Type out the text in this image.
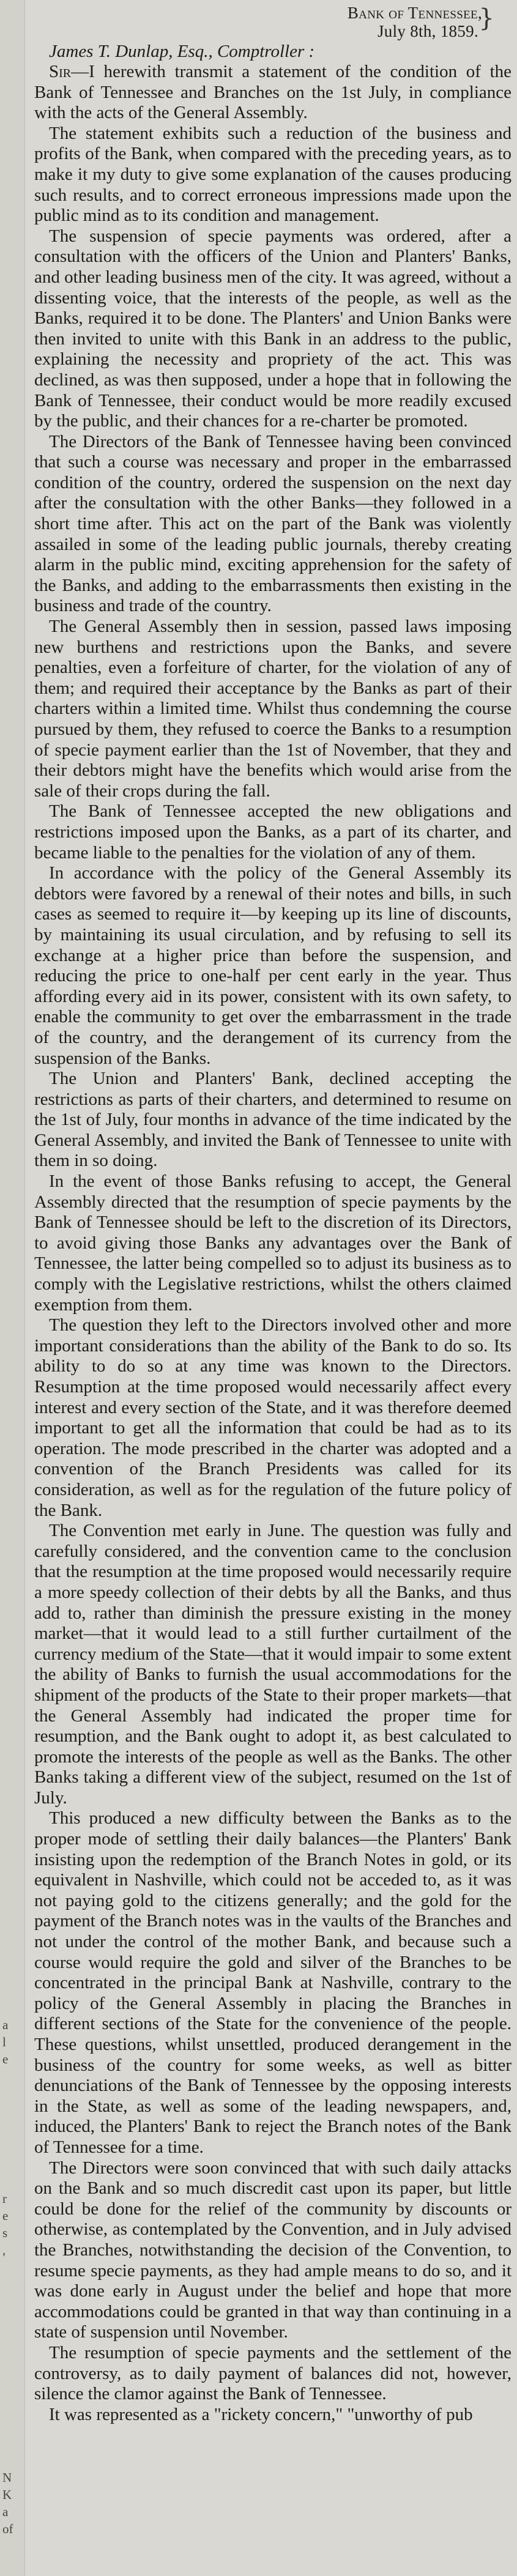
a
l
e
r
e
s
,
N
K
a
of
Bank of Tennessee,
July 8th, 1859. }
James T. Dunlap, Esq., Comptroller :

Sir—I herewith transmit a statement of the condition of the Bank of Tennessee and Branches on the 1st July, in compliance with the acts of the General Assembly.

The statement exhibits such a reduction of the business and profits of the Bank, when compared with the preceding years, as to make it my duty to give some explanation of the causes producing such results, and to correct erroneous impressions made upon the public mind as to its condition and management.

The suspension of specie payments was ordered, after a consultation with the officers of the Union and Planters' Banks, and other leading business men of the city. It was agreed, without a dissenting voice, that the interests of the people, as well as the Banks, required it to be done. The Planters' and Union Banks were then invited to unite with this Bank in an address to the public, explaining the necessity and propriety of the act. This was declined, as was then supposed, under a hope that in following the Bank of Tennessee, their conduct would be more readily excused by the public, and their chances for a re-charter be promoted.

The Directors of the Bank of Tennessee having been convinced that such a course was necessary and proper in the embarrassed condition of the country, ordered the suspension on the next day after the consultation with the other Banks—they followed in a short time after. This act on the part of the Bank was violently assailed in some of the leading public journals, thereby creating alarm in the public mind, exciting apprehension for the safety of the Banks, and adding to the embarrassments then existing in the business and trade of the country.

The General Assembly then in session, passed laws imposing new burthens and restrictions upon the Banks, and severe penalties, even a forfeiture of charter, for the violation of any of them; and required their acceptance by the Banks as part of their charters within a limited time. Whilst thus condemning the course pursued by them, they refused to coerce the Banks to a resumption of specie payment earlier than the 1st of November, that they and their debtors might have the benefits which would arise from the sale of their crops during the fall.

The Bank of Tennessee accepted the new obligations and restrictions imposed upon the Banks, as a part of its charter, and became liable to the penalties for the violation of any of them.

In accordance with the policy of the General Assembly its debtors were favored by a renewal of their notes and bills, in such cases as seemed to require it—by keeping up its line of discounts, by maintaining its usual circulation, and by refusing to sell its exchange at a higher price than before the suspension, and reducing the price to one-half per cent early in the year. Thus affording every aid in its power, consistent with its own safety, to enable the community to get over the embarrassment in the trade of the country, and the derangement of its currency from the suspension of the Banks.

The Union and Planters' Bank, declined accepting the restrictions as parts of their charters, and determined to resume on the 1st of July, four months in advance of the time indicated by the General Assembly, and invited the Bank of Tennessee to unite with them in so doing.

In the event of those Banks refusing to accept, the General Assembly directed that the resumption of specie payments by the Bank of Tennessee should be left to the discretion of its Directors, to avoid giving those Banks any advantages over the Bank of Tennessee, the latter being compelled so to adjust its business as to comply with the Legislative restrictions, whilst the others claimed exemption from them.

The question they left to the Directors involved other and more important considerations than the ability of the Bank to do so. Its ability to do so at any time was known to the Directors. Resumption at the time proposed would necessarily affect every interest and every section of the State, and it was therefore deemed important to get all the information that could be had as to its operation. The mode prescribed in the charter was adopted and a convention of the Branch Presidents was called for its consideration, as well as for the regulation of the future policy of the Bank.

The Convention met early in June. The question was fully and carefully considered, and the convention came to the conclusion that the resumption at the time proposed would necessarily require a more speedy collection of their debts by all the Banks, and thus add to, rather than diminish the pressure existing in the money market—that it would lead to a still further curtailment of the currency medium of the State—that it would impair to some extent the ability of Banks to furnish the usual accommodations for the shipment of the products of the State to their proper markets—that the General Assembly had indicated the proper time for resumption, and the Bank ought to adopt it, as best calculated to promote the interests of the people as well as the Banks. The other Banks taking a different view of the subject, resumed on the 1st of July.

This produced a new difficulty between the Banks as to the proper mode of settling their daily balances—the Planters' Bank insisting upon the redemption of the Branch Notes in gold, or its equivalent in Nashville, which could not be acceded to, as it was not paying gold to the citizens generally; and the gold for the payment of the Branch notes was in the vaults of the Branches and not under the control of the mother Bank, and because such a course would require the gold and silver of the Branches to be concentrated in the principal Bank at Nashville, contrary to the policy of the General Assembly in placing the Branches in different sections of the State for the convenience of the people. These questions, whilst unsettled, produced derangement in the business of the country for some weeks, as well as bitter denunciations of the Bank of Tennessee by the opposing interests in the State, as well as some of the leading newspapers, and, induced, the Planters' Bank to reject the Branch notes of the Bank of Tennessee for a time.

The Directors were soon convinced that with such daily attacks on the Bank and so much discredit cast upon its paper, but little could be done for the relief of the community by discounts or otherwise, as contemplated by the Convention, and in July advised the Branches, notwithstanding the decision of the Convention, to resume specie payments, as they had ample means to do so, and it was done early in August under the belief and hope that more accommodations could be granted in that way than continuing in a state of suspension until November.

The resumption of specie payments and the settlement of the controversy, as to daily payment of balances did not, however, silence the clamor against the Bank of Tennessee.

It was represented as a "rickety concern," "unworthy of pub
